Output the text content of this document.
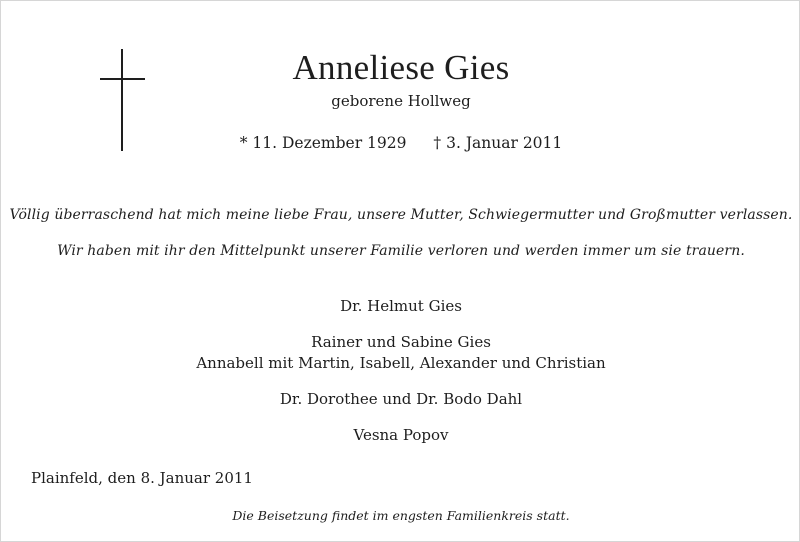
Anneliese Gies
geborene Hollweg
* 11. Dezember 1929 † 3. Januar 2011
Völlig überraschend hat mich meine liebe Frau, unsere Mutter, Schwiegermutter und Großmutter verlassen.
Wir haben mit ihr den Mittelpunkt unserer Familie verloren und werden immer um sie trauern.
Dr. Helmut Gies
Rainer und Sabine Gies
Annabell mit Martin, Isabell, Alexander und Christian
Dr. Dorothee und Dr. Bodo Dahl
Vesna Popov
Plainfeld, den 8. Januar 2011
Die Beisetzung findet im engsten Familienkreis statt.
